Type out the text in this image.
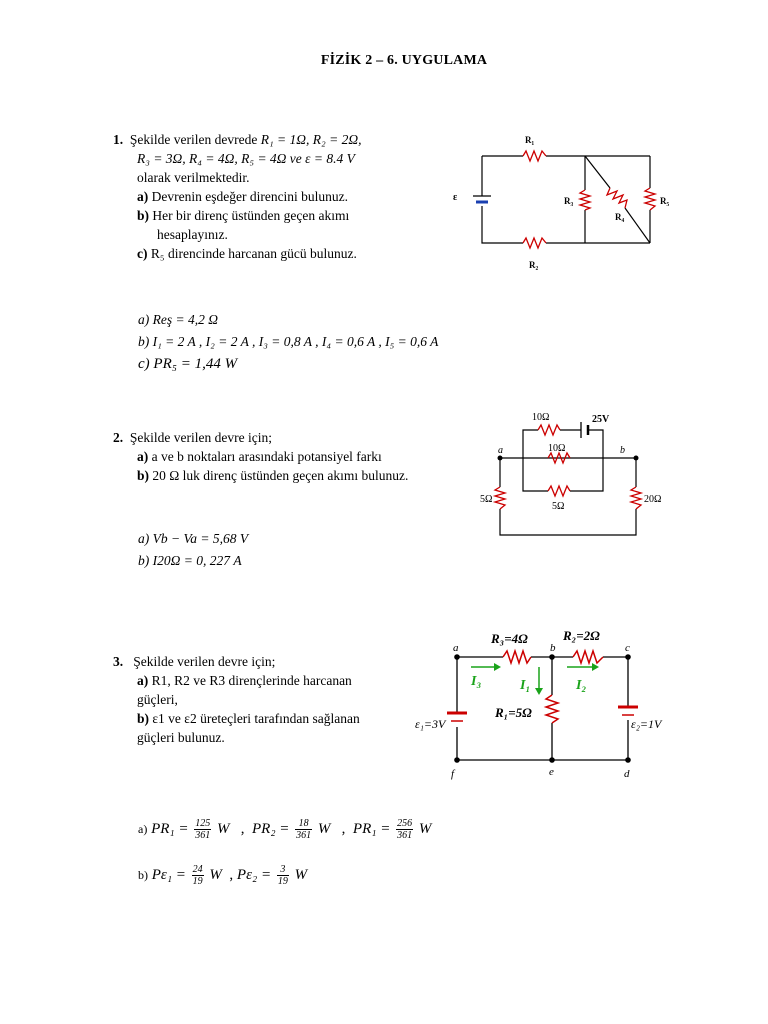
FİZİK 2 – 6. UYGULAMA
1. Şekilde verilen devrede R₁ = 1Ω, R₂ = 2Ω,
R₃ = 3Ω, R₄ = 4Ω, R₅ = 4Ω ve ε = 8.4 V
olarak verilmektedir.
a) Devrenin eşdeğer direncini bulunuz.
b) Her bir direnç üstünden geçen akımı
hesaplayınız.
c) R₅ direncinde harcanan gücü bulunuz.
R₁
R₂
R₃
R₄
R₅
ε
a) Reş = 4,2 Ω
b) I₁ = 2 A , I₂ = 2 A , I₃ = 0,8 A , I₄ = 0,6 A , I₅ = 0,6 A
c) PR₅ = 1,44 W
2. Şekilde verilen devre için;
a) a ve b noktaları arasındaki potansiyel farkı
b) 20 Ω luk direnç üstünden geçen akımı bulunuz.
10Ω	25V
10Ω
5Ω
5Ω	20Ω
a	b
a) Vb − Va = 5,68 V
b) I20Ω = 0, 227 A
3. Şekilde verilen devre için;
a) R1, R2 ve R3 dirençlerinde harcanan
güçleri,
b) ε1 ve ε2 üreteçleri tarafından sağlanan
güçleri bulunuz.
R₃=4Ω	R₂=2Ω
R₁=5Ω
I₃	I₁	I₂
ε₁=3V	ε₂=1V
a	b	c
d
e
f
a) $PR_1 = \frac{125}{361}$ W   ,  $PR_2 = \frac{18}{361}$ W   ,  $PR_1 = \frac{256}{361}$ W
b) $P\varepsilon_1 = \frac{24}{19}$ W  , $P\varepsilon_2 = \frac{3}{19}$ W
